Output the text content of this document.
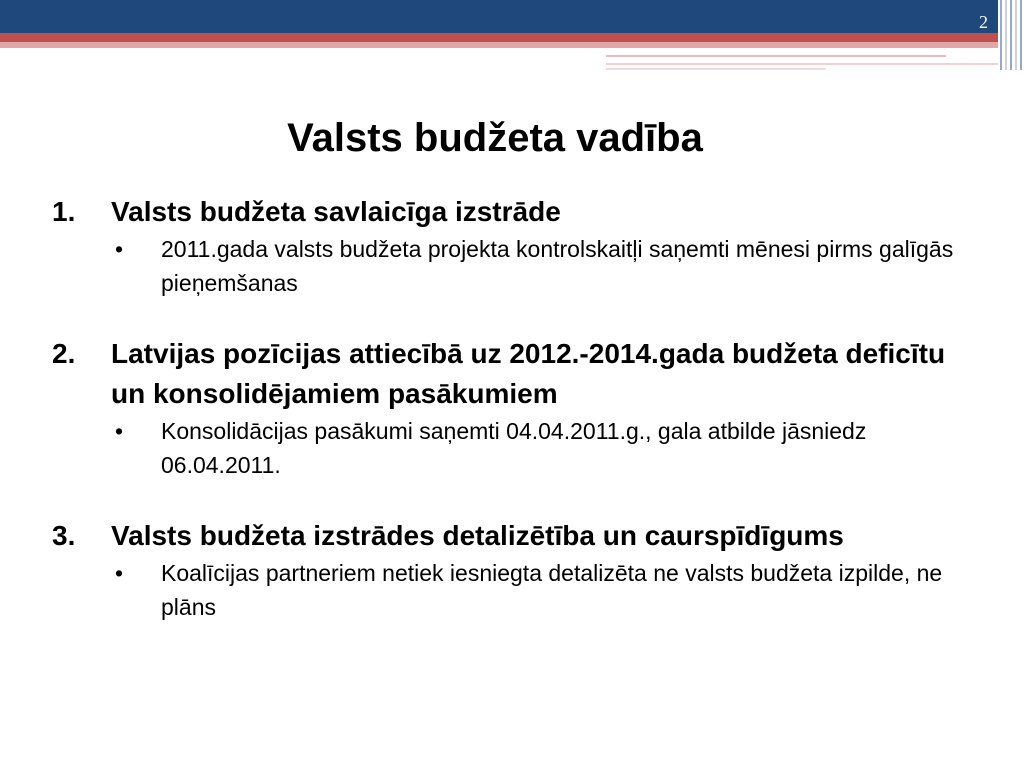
2
Valsts budžeta vadība
1. Valsts budžeta savlaicīga izstrāde
• 2011.gada valsts budžeta projekta kontrolskaitļi saņemti mēnesi pirms galīgās pieņemšanas
2. Latvijas pozīcijas attiecībā uz 2012.-2014.gada budžeta deficītu un konsolidējamiem pasākumiem
• Konsolidācijas pasākumi saņemti 04.04.2011.g., gala atbilde jāsniedz 06.04.2011.
3. Valsts budžeta izstrādes detalizētība un caurspīdīgums
• Koalīcijas partneriem netiek iesniegta detalizēta ne valsts budžeta izpilde, ne plāns
